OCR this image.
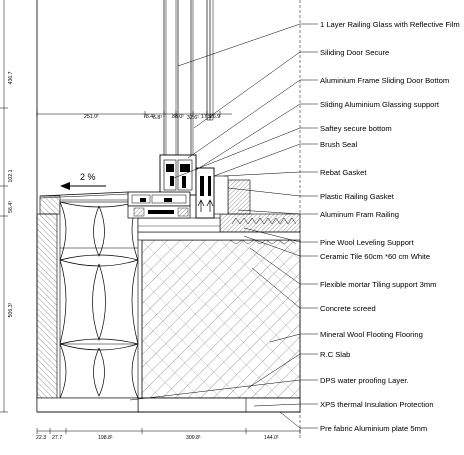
2 %
1 Layer Railing Glass with Reflective Film
Siliding Door Secure
Aluminium Frame Sliding Door Bottom
Sliding Aluminium Glassing support
Saftey secure bottom
Brush Seal
Rebat Gasket
Plastic Railing Gasket
Aluminum Fram Railing
Pine Wool Leveling Support
Ceramic Tile 60cm *60 cm White
Flexible mortar Tiling support 3mm
Concrete screed
Mineral Wool Flooting Flooring
R.C Slab
DPS water proofing Layer.
XPS thermal Insulation Protection
Pre fabric Aluminium plate 5mm
436.7
102.1
56.4¹
506.3¹
251.0¹	78.4¹
6.8¹ 88.0¹ 32.6¹ 17.5
26.9
22.3 27.7	198.8¹	300.8¹	144.0¹
